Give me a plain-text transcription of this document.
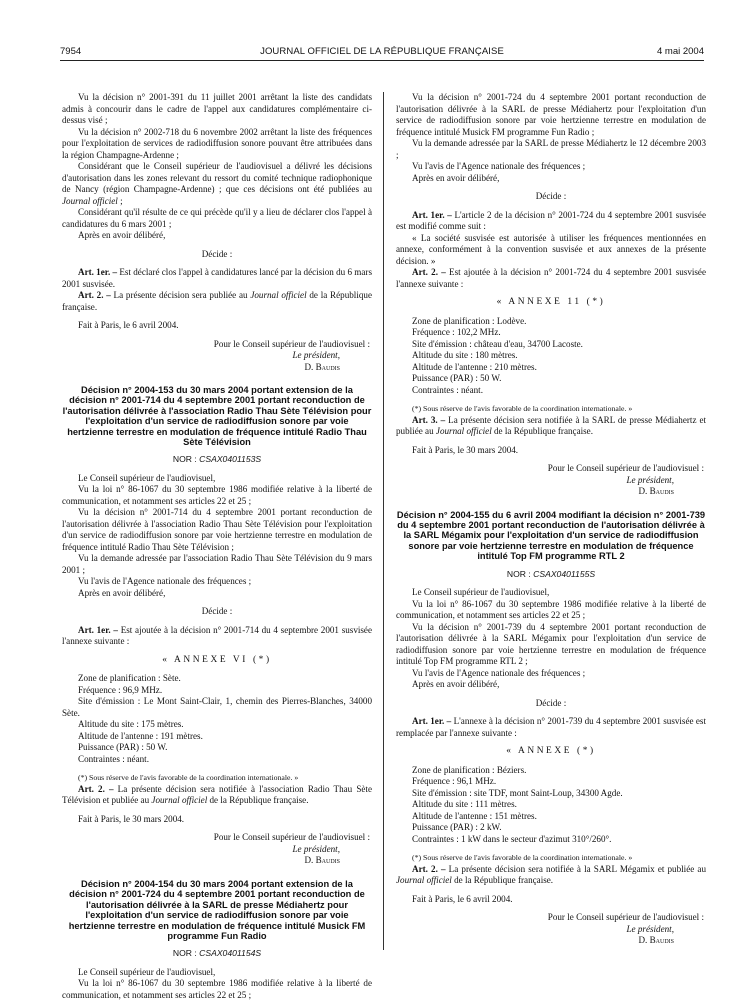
7954	JOURNAL OFFICIEL DE LA RÉPUBLIQUE FRANÇAISE	4 mai 2004

Vu la décision n° 2001-391 du 11 juillet 2001 arrêtant la liste des candidats admis à concourir dans le cadre de l'appel aux candidatures complémentaire ci-dessus visé ;

Vu la décision n° 2002-718 du 6 novembre 2002 arrêtant la liste des fréquences pour l'exploitation de services de radiodiffusion sonore pouvant être attribuées dans la région Champagne-Ardenne ;

Considérant que le Conseil supérieur de l'audiovisuel a délivré les décisions d'autorisation dans les zones relevant du ressort du comité technique radiophonique de Nancy (région Champagne-Ardenne) ; que ces décisions ont été publiées au Journal officiel ;

Considérant qu'il résulte de ce qui précède qu'il y a lieu de déclarer clos l'appel à candidatures du 6 mars 2001 ;

Après en avoir délibéré,

Décide :

Art. 1er. – Est déclaré clos l'appel à candidatures lancé par la décision du 6 mars 2001 susvisée.

Art. 2. – La présente décision sera publiée au Journal officiel de la République française.

Fait à Paris, le 6 avril 2004.

Pour le Conseil supérieur de l'audiovisuel :

Le président,

D. Baudis

Décision n° 2004-153 du 30 mars 2004 portant extension de la décision n° 2001-714 du 4 septembre 2001 portant reconduction de l'autorisation délivrée à l'association Radio Thau Sète Télévision pour l'exploitation d'un service de radiodiffusion sonore par voie hertzienne terrestre en modulation de fréquence intitulé Radio Thau Sète Télévision

NOR : CSAX0401153S

Le Conseil supérieur de l'audiovisuel,

Vu la loi n° 86-1067 du 30 septembre 1986 modifiée relative à la liberté de communication, et notamment ses articles 22 et 25 ;

Vu la décision n° 2001-714 du 4 septembre 2001 portant reconduction de l'autorisation délivrée à l'association Radio Thau Sète Télévision pour l'exploitation d'un service de radiodiffusion sonore par voie hertzienne terrestre en modulation de fréquence intitulé Radio Thau Sète Télévision ;

Vu la demande adressée par l'association Radio Thau Sète Télévision du 9 mars 2001 ;

Vu l'avis de l'Agence nationale des fréquences ;

Après en avoir délibéré,

Décide :

Art. 1er. – Est ajoutée à la décision n° 2001-714 du 4 septembre 2001 susvisée l'annexe suivante :

« ANNEXE VI (*)

Zone de planification : Sète.

Fréquence : 96,9 MHz.

Site d'émission : Le Mont Saint-Clair, 1, chemin des Pierres-Blanches, 34000 Sète.

Altitude du site : 175 mètres.

Altitude de l'antenne : 191 mètres.

Puissance (PAR) : 50 W.

Contraintes : néant.

(*) Sous réserve de l'avis favorable de la coordination internationale. »

Art. 2. – La présente décision sera notifiée à l'association Radio Thau Sète Télévision et publiée au Journal officiel de la République française.

Fait à Paris, le 30 mars 2004.

Pour le Conseil supérieur de l'audiovisuel :

Le président,

D. Baudis

Décision n° 2004-154 du 30 mars 2004 portant extension de la décision n° 2001-724 du 4 septembre 2001 portant reconduction de l'autorisation délivrée à la SARL de presse Médiahertz pour l'exploitation d'un service de radiodiffusion sonore par voie hertzienne terrestre en modulation de fréquence intitulé Musick FM programme Fun Radio

NOR : CSAX0401154S

Le Conseil supérieur de l'audiovisuel,

Vu la loi n° 86-1067 du 30 septembre 1986 modifiée relative à la liberté de communication, et notamment ses articles 22 et 25 ;

Vu la décision n° 2001-724 du 4 septembre 2001 portant reconduction de l'autorisation délivrée à la SARL de presse Médiahertz pour l'exploitation d'un service de radiodiffusion sonore par voie hertzienne terrestre en modulation de fréquence intitulé Musick FM programme Fun Radio ;

Vu la demande adressée par la SARL de presse Médiahertz le 12 décembre 2003 ;

Vu l'avis de l'Agence nationale des fréquences ;

Après en avoir délibéré,

Décide :

Art. 1er. – L'article 2 de la décision n° 2001-724 du 4 septembre 2001 susvisée est modifié comme suit :

« La société susvisée est autorisée à utiliser les fréquences mentionnées en annexe, conformément à la convention susvisée et aux annexes de la présente décision. »

Art. 2. – Est ajoutée à la décision n° 2001-724 du 4 septembre 2001 susvisée l'annexe suivante :

« ANNEXE 11 (*)

Zone de planification : Lodève.

Fréquence : 102,2 MHz.

Site d'émission : château d'eau, 34700 Lacoste.

Altitude du site : 180 mètres.

Altitude de l'antenne : 210 mètres.

Puissance (PAR) : 50 W.

Contraintes : néant.

(*) Sous réserve de l'avis favorable de la coordination internationale. »

Art. 3. – La présente décision sera notifiée à la SARL de presse Médiahertz et publiée au Journal officiel de la République française.

Fait à Paris, le 30 mars 2004.

Pour le Conseil supérieur de l'audiovisuel :

Le président,

D. Baudis

Décision n° 2004-155 du 6 avril 2004 modifiant la décision n° 2001-739 du 4 septembre 2001 portant reconduction de l'autorisation délivrée à la SARL Mégamix pour l'exploitation d'un service de radiodiffusion sonore par voie hertzienne terrestre en modulation de fréquence intitulé Top FM programme RTL 2

NOR : CSAX0401155S

Le Conseil supérieur de l'audiovisuel,

Vu la loi n° 86-1067 du 30 septembre 1986 modifiée relative à la liberté de communication, et notamment ses articles 22 et 25 ;

Vu la décision n° 2001-739 du 4 septembre 2001 portant reconduction de l'autorisation délivrée à la SARL Mégamix pour l'exploitation d'un service de radiodiffusion sonore par voie hertzienne terrestre en modulation de fréquence intitulé Top FM programme RTL 2 ;

Vu l'avis de l'Agence nationale des fréquences ;

Après en avoir délibéré,

Décide :

Art. 1er. – L'annexe à la décision n° 2001-739 du 4 septembre 2001 susvisée est remplacée par l'annexe suivante :

« ANNEXE (*)

Zone de planification : Béziers.

Fréquence : 96,1 MHz.

Site d'émission : site TDF, mont Saint-Loup, 34300 Agde.

Altitude du site : 111 mètres.

Altitude de l'antenne : 151 mètres.

Puissance (PAR) : 2 kW.

Contraintes : 1 kW dans le secteur d'azimut 310°/260°.

(*) Sous réserve de l'avis favorable de la coordination internationale. »

Art. 2. – La présente décision sera notifiée à la SARL Mégamix et publiée au Journal officiel de la République française.

Fait à Paris, le 6 avril 2004.

Pour le Conseil supérieur de l'audiovisuel :

Le président,

D. Baudis
